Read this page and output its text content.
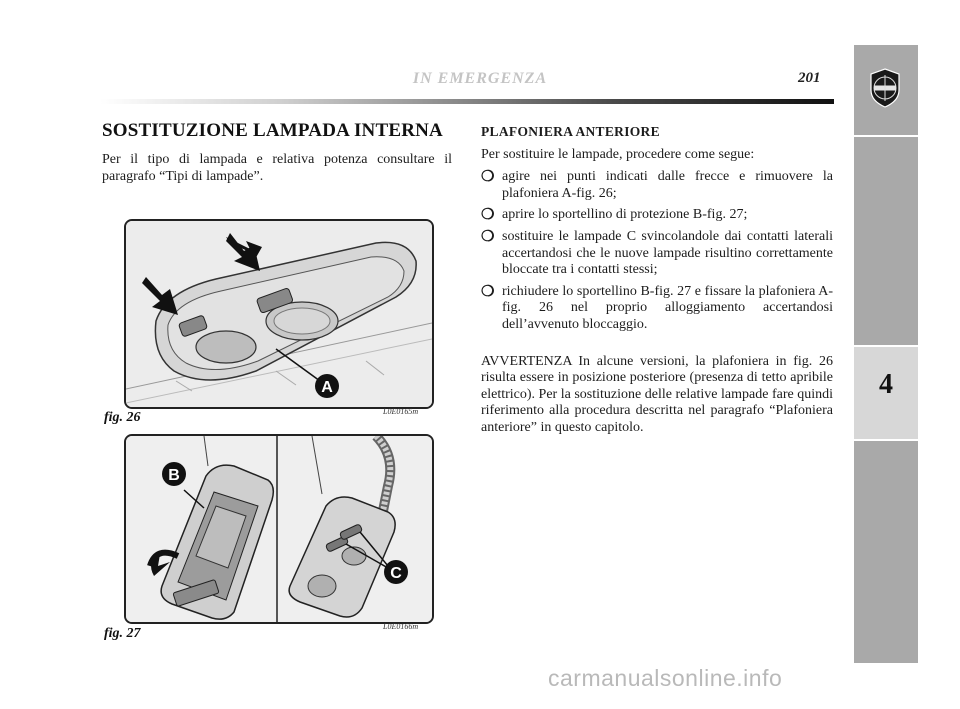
IN EMERGENZA	201
4
SOSTITUZIONE LAMPADA INTERNA

Per il tipo di lampada e relativa potenza consultare il paragrafo “Tipi di lampade”.

A
fig. 26	L0E0165m
B
C
fig. 27	L0E0166m

PLAFONIERA ANTERIORE

Per sostituire le lampade, procedere come segue:

❍ agire nei punti indicati dalle frecce e rimuovere la plafoniera A-fig. 26;
❍ aprire lo sportellino di protezione B-fig. 27;
❍ sostituire le lampade C svincolandole dai contatti laterali accertandosi che le nuove lampade risultino correttamente bloccate tra i contatti stessi;
❍ richiudere lo sportellino B-fig. 27 e fissare la plafoniera A-fig. 26 nel proprio alloggiamento accertandosi dell’avvenuto bloccaggio.

AVVERTENZA In alcune versioni, la plafoniera in fig. 26 risulta essere in posizione posteriore (presenza di tetto apribile elettrico). Per la sostituzione delle relative lampade fare quindi riferimento alla procedura descritta nel paragrafo “Plafoniera anteriore” in questo capitolo.

carmanualsonline.info
